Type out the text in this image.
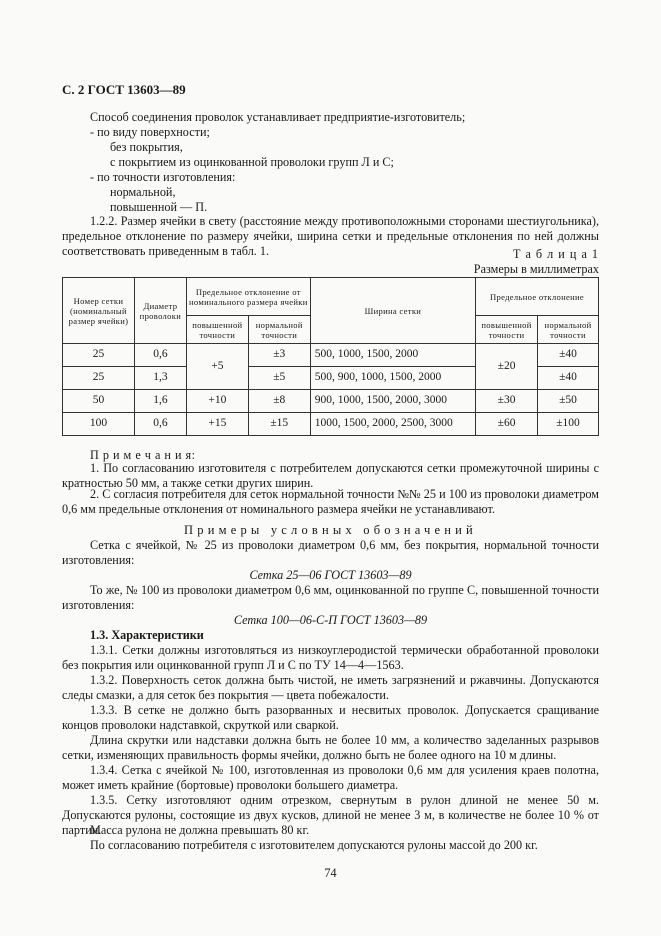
С. 2 ГОСТ 13603—89
Способ соединения проволок устанавливает предприятие-изготовитель;
- по виду поверхности;
без покрытия,
с покрытием из оцинкованной проволоки групп Л и С;
- по точности изготовления:
нормальной,
повышенной — П.
1.2.2. Размер ячейки в свету (расстояние между противоположными сторонами шестиугольника), предельное отклонение по размеру ячейки, ширина сетки и предельные отклонения по ней должны соответствовать приведенным в табл. 1.	Т а б л и ц а 1
Размеры в миллиметрах
Номер сетки (номинальный размер ячейки)	Диаметр проволоки	Предельное отклонение от номинального размера ячейки		Ширина сетки	Предельное отклонение	
		повышенной точности	нормальной точности		повышенной точности	нормальной точности
25	0,6	+5	±3	500, 1000, 1500, 2000	±20	±40
25	1,3		±5	500, 900, 1000, 1500, 2000		±40
50	1,6	+10	±8	900, 1000, 1500, 2000, 3000	±30	±50
100	0,6	+15	±15	1000, 1500, 2000, 2500, 3000	±60	±100
П р и м е ч а н и я:
1. По согласованию изготовителя с потребителем допускаются сетки промежуточной ширины с кратностью 50 мм, а также сетки других ширин.
2. С согласия потребителя для сеток нормальной точности №№ 25 и 100 из проволоки диаметром 0,6 мм предельные отклонения от номинального размера ячейки не устанавливают.
Примеры условных обозначений
Сетка с ячейкой, № 25 из проволоки диаметром 0,6 мм, без покрытия, нормальной точности изготовления:
Сетка 25—06 ГОСТ 13603—89
То же, № 100 из проволоки диаметром 0,6 мм, оцинкованной по группе С, повышенной точности изготовления:
Сетка 100—06-С-П ГОСТ 13603—89
1.3. Характеристики
1.3.1. Сетки должны изготовляться из низкоуглеродистой термически обработанной проволоки без покрытия или оцинкованной групп Л и С по ТУ 14—4—1563.
1.3.2. Поверхность сеток должна быть чистой, не иметь загрязнений и ржавчины. Допускаются следы смазки, а для сеток без покрытия — цвета побежалости.
1.3.3. В сетке не должно быть разорванных и несвитых проволок. Допускается сращивание концов проволоки надставкой, скруткой или сваркой.
Длина скрутки или надставки должна быть не более 10 мм, а количество заделанных разрывов сетки, изменяющих правильность формы ячейки, должно быть не более одного на 10 м длины.
1.3.4. Сетка с ячейкой № 100, изготовленная из проволоки 0,6 мм для усиления краев полотна, может иметь крайние (бортовые) проволоки большего диаметра.
1.3.5. Сетку изготовляют одним отрезком, свернутым в рулон длиной не менее 50 м. Допускаются рулоны, состоящие из двух кусков, длиной не менее 3 м, в количестве не более 10 % от партии.
Масса рулона не должна превышать 80 кг.
По согласованию потребителя с изготовителем допускаются рулоны массой до 200 кг.
74
